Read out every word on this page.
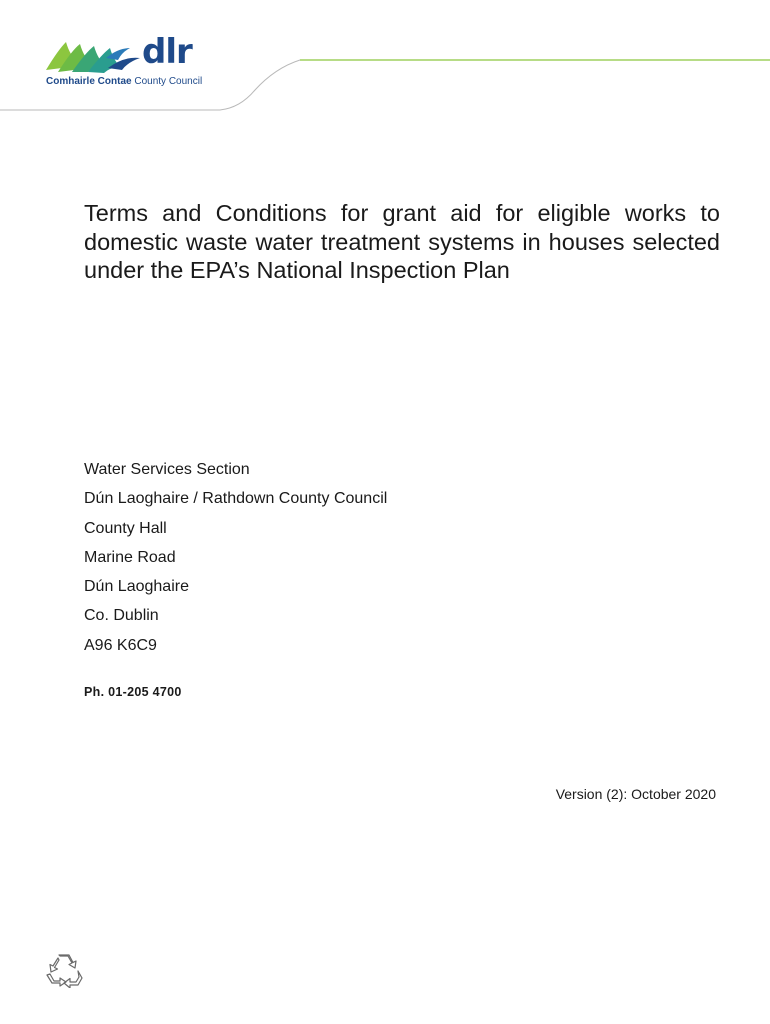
dlr
Comhairle Contae County Council
Terms and Conditions for grant aid for eligible works to domestic waste water treatment systems in houses selected under the EPA’s National Inspection Plan
Water Services Section
Dún Laoghaire / Rathdown County Council
County Hall
Marine Road
Dún Laoghaire
Co. Dublin
A96 K6C9
Ph. 01-205 4700
Version (2): October 2020
